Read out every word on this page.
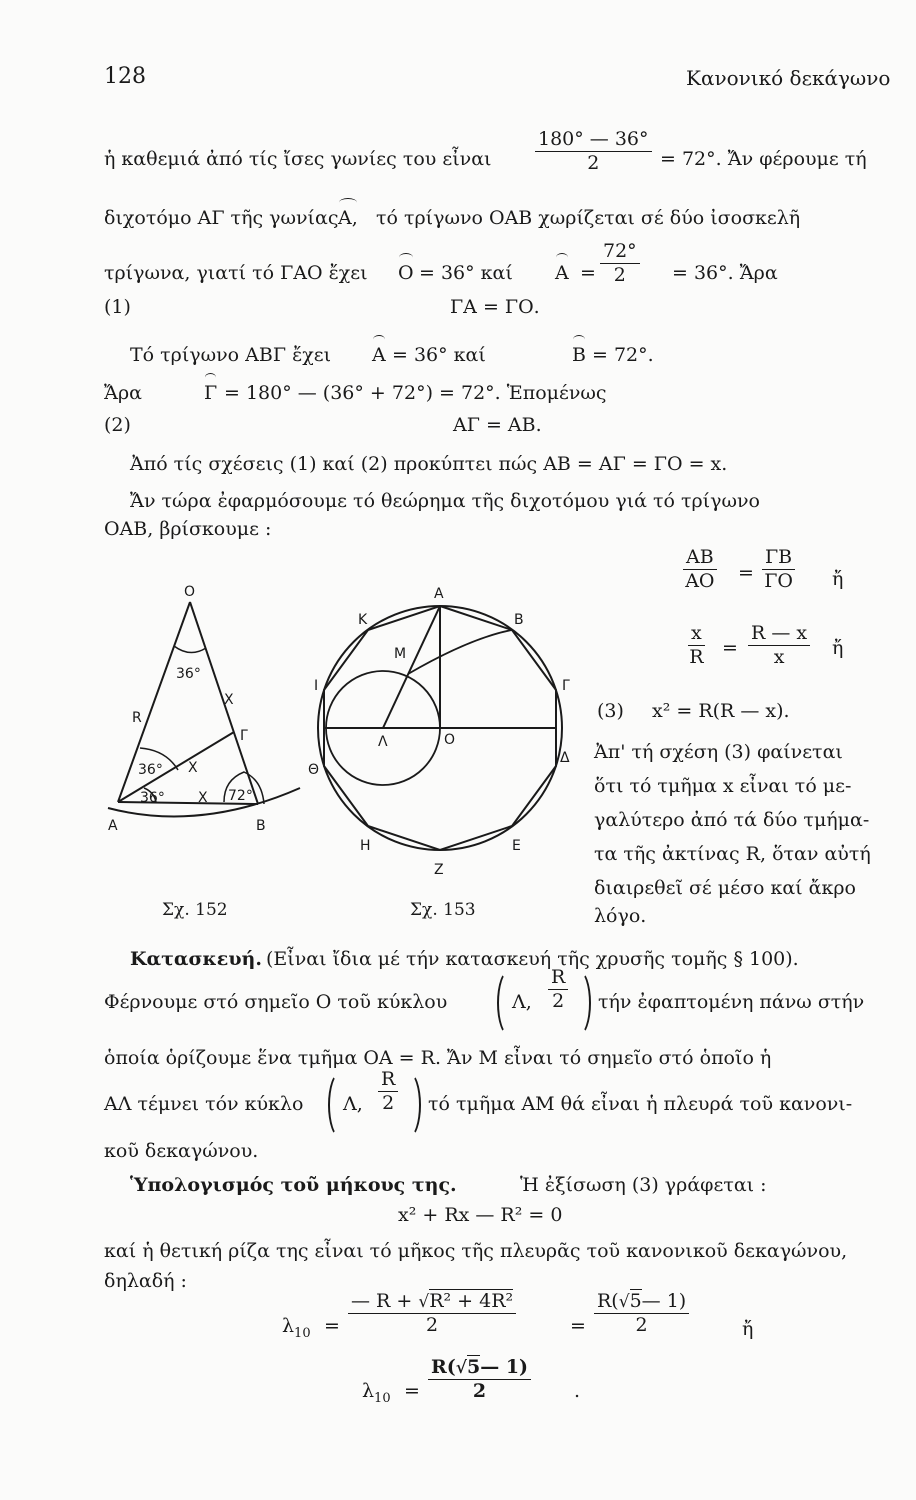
128	Κανονικό δεκάγωνο
ἡ καθεμιά ἀπό τίς ἴσες γωνίες του εἶναι $\frac{180^\circ — 36^\circ}{2} = 72^\circ$. Ἄν φέρουμε τή
διχοτόμο ΑΓ τῆς γωνίας Α, τό τρίγωνο ΟΑΒ χωρίζεται σέ δύο ἰσοσκελῆ
τρίγωνα, γιατί τό ΓΑΟ ἔχει Ο = 36° καί $A = \frac{72^\circ}{2} = 36^\circ$. Ἄρα
(1)	ΓΑ = ΓΟ.
Τό τρίγωνο ΑΒΓ ἔχει Α = 36° καί	Β = 72°.
Ἄρα	Γ = 180° — (36° + 72°) = 72°. Ἑπομένως
(2)	ΑΓ = ΑΒ.
Ἀπό τίς σχέσεις (1) καί (2) προκύπτει πώς ΑΒ = ΑΓ = ΓΟ = x.
Ἄν τώρα ἐφαρμόσουμε τό θεώρημα τῆς διχοτόμου γιά τό τρίγωνο
ΟΑΒ, βρίσκουμε :
$\frac{AB}{AO} = \frac{\Gamma B}{\Gamma O}$ ἤ
$\frac{x}{R} = \frac{R — x}{x}$ ἤ
(3) x² = R(R — x).
Ἀπ' τή σχέση (3) φαίνεται
ὅτι τό τμῆμα x εἶναι τό με-
γαλύτερο ἀπό τά δύο τμήμα-
τα τῆς ἀκτίνας R, ὅταν αὐτή
διαιρεθεῖ σέ μέσο καί ἄκρο
λόγο.
O
36°
X
R
Γ
X
36°
36° X 72°
A	B
Σχ. 152
A
B
K
M
Γ
I
Λ	O
Δ
Θ
H	E
Z
Σχ. 153
Κατασκευή. (Εἶναι ἴδια μέ τήν κατασκευή τῆς χρυσῆς τομῆς § 100).
Φέρνουμε στό σημεῖο Ο τοῦ κύκλου	Λ, $\frac{R}{2}$ τήν ἐφαπτομένη πάνω στήν
ὁποία ὁρίζουμε ἕνα τμῆμα ΟΑ = R. Ἄν Μ εἶναι τό σημεῖο στό ὁποῖο ἡ
ΑΛ τέμνει τόν κύκλο Λ, $\frac{R}{2}$ τό τμῆμα ΑΜ θά εἶναι ἡ πλευρά τοῦ κανονι-
κοῦ δεκαγώνου.
Ὑπολογισμός τοῦ μήκους της.	Ἡ ἐξίσωση (3) γράφεται :
x² + Rx — R² = 0
καί ἡ θετική ρίζα της εἶναι τό μῆκος τῆς πλευρᾶς τοῦ κανονικοῦ δεκαγώνου,
δηλαδή :
$\lambda_{10}$ =
— R + √R² + 4R²
2	=
R(√5— 1)
2	ἤ
$\lambda_{10} = \frac{R(√5— 1)}{2}$ .
